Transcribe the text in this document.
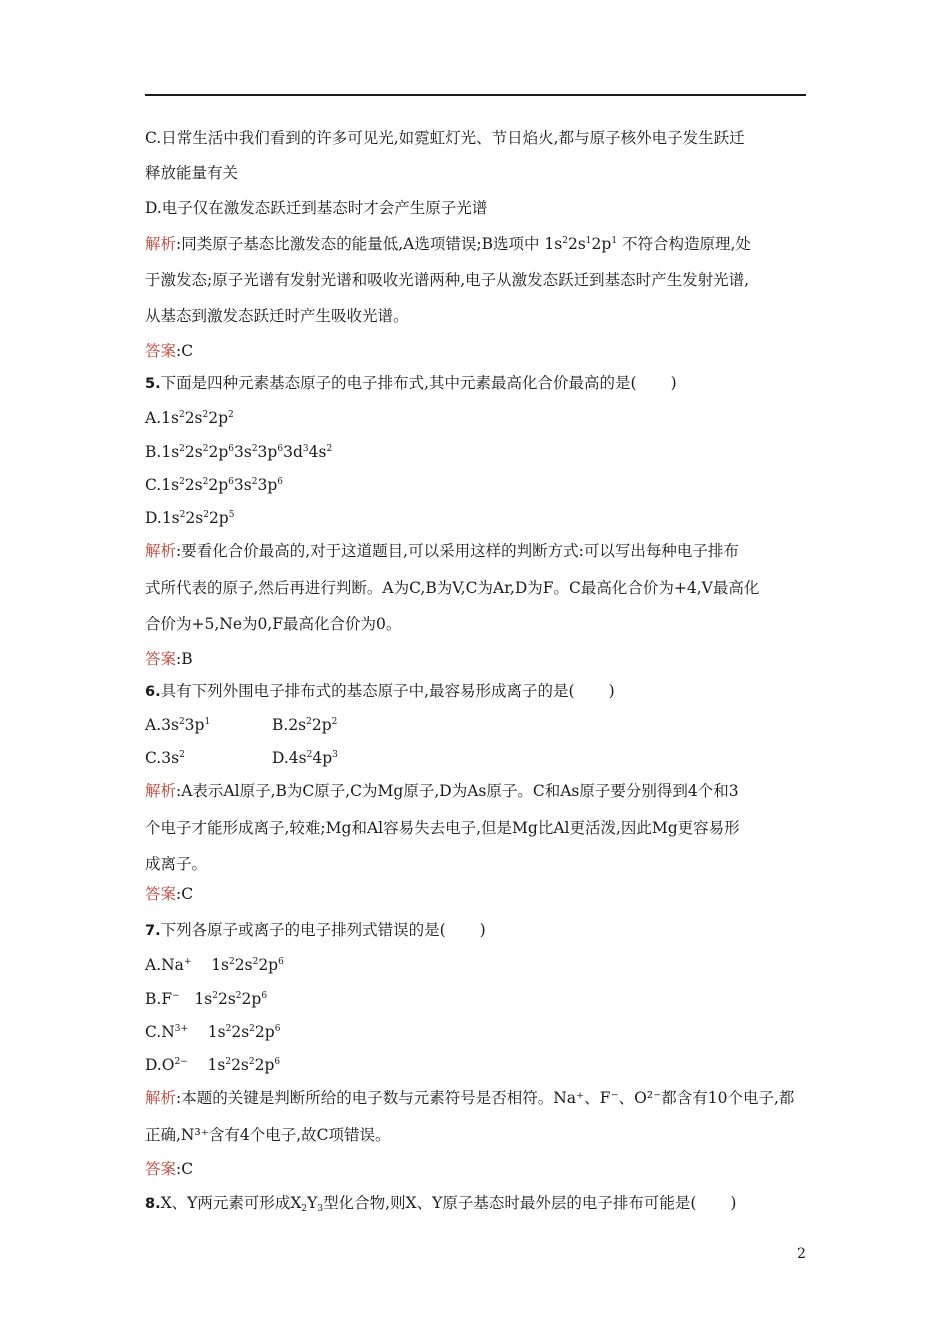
C.日常生活中我们看到的许多可见光,如霓虹灯光、节日焰火,都与原子核外电子发生跃迁
释放能量有关
D.电子仅在激发态跃迁到基态时才会产生原子光谱
解析:同类原子基态比激发态的能量低,A选项错误;B选项中 $1s^22s^12p^1$ 不符合构造原理,处
于激发态;原子光谱有发射光谱和吸收光谱两种,电子从激发态跃迁到基态时产生发射光谱,
从基态到激发态跃迁时产生吸收光谱。
答案:C
5.下面是四种元素基态原子的电子排布式,其中元素最高化合价最高的是( )
$A.1s^22s^22p^2$
$B.1s^22s^22p^63s^23p^63d^34s^2$
$C.1s^22s^22p^63s^23p^6$
$D.1s^22s^22p^5$
解析:要看化合价最高的,对于这道题目,可以采用这样的判断方式:可以写出每种电子排布
式所代表的原子,然后再进行判断。A为C,B为V,C为Ar,D为F。C最高化合价为+4,V最高化
合价为+5,Ne为0,F最高化合价为0。
答案:B
6.具有下列外围电子排布式的基态原子中,最容易形成离子的是( )
$A.3s^23p^1$	$B.2s^22p^2$
$C.3s^2$	$D.4s^24p^3$
解析:A表示Al原子,B为C原子,C为Mg原子,D为As原子。C和As原子要分别得到4个和3
个电子才能形成离子,较难;Mg和Al容易失去电子,但是Mg比Al更活泼,因此Mg更容易形
成离子。
答案:C
7.下列各原子或离子的电子排列式错误的是( )
A.Na+    $1s^22s^22p^6$
B.F−   $1s^22s^22p^6$
$C.N^{3+}$    $1s^22s^22p^6$
$D.O^{2-}$    $1s^22s^22p^6$
解析:本题的关键是判断所给的电子数与元素符号是否相符。Na⁺、F⁻、O²⁻都含有10个电子,都
正确,N³⁺含有4个电子,故C项错误。
答案:C
8.X、Y两元素可形成$X_2Y_3$型化合物,则X、Y原子基态时最外层的电子排布可能是( )
2
